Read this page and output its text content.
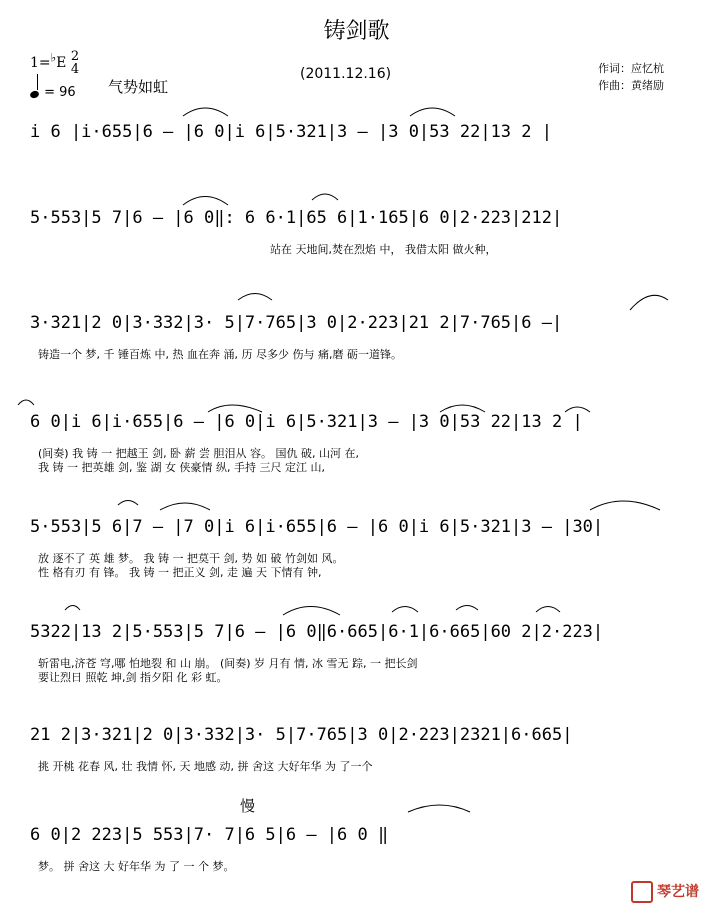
铸剑歌
1=♭E 2
4
= 96 气势如虹
(2011.12.16)	作词：应忆杭
作曲：黄绪励
i 6 |i·655|6 – |6 0|i 6|5·321|3 – |3 0|53 22|13 2 |
5·553|5 7|6 – |6 0‖: 6 6·1|65 6|1·165|6 0|2·223|212|
站在 天地间,焚在烈焰 中， 我借太阳 做火种，
3·321|2 0|3·332|3· 5|7·765|3 0|2·223|21 2|7·765|6 –|
铸造一个 梦, 千 锤百炼 中, 热 血在奔 涌, 历 尽多少 伤与 痛,磨 砺一道锋。
6 0|i 6|i·655|6 – |6 0|i 6|5·321|3 – |3 0|53 22|13 2 |
(间奏) 我 铸 一 把越王 剑, 卧 薪 尝 胆泪从 容。 国仇 破, 山河 在,
我 铸 一 把英雄 剑, 鉴 湖 女 侠豪情 纵, 手持 三尺 定江 山,
5·553|5 6|7 – |7 0|i 6|i·655|6 – |6 0|i 6|5·321|3 – |30|
放 逐不了 英 雄 梦。 我 铸 一 把莫干 剑, 势 如 破 竹剑如 风。
性 格有刃 有 锋。 我 铸 一 把正义 剑, 走 遍 天 下情有 钟,
5322|13 2|5·553|5 7|6 – |6 0‖6·665|6·1|6·665|60 2|2·223|
斩雷电,济苍 穹,哪 怕地裂 和 山 崩。 (间奏) 岁 月有 情, 冰 雪无 踪, 一 把长剑
要让烈日 照乾 坤,剑 指夕阳 化 彩 虹。
21 2|3·321|2 0|3·332|3· 5|7·765|3 0|2·223|2321|6·665|
挑 开桃 花春 风, 壮 我情 怀, 天 地感 动, 拼 舍这 大好年华 为 了一个
6 0|2 223|5 553|7· 7|6 5|6 – |6 0 ‖
梦。 拼 舍这 大 好年华 为 了 一 个 梦。
慢
琴艺谱
